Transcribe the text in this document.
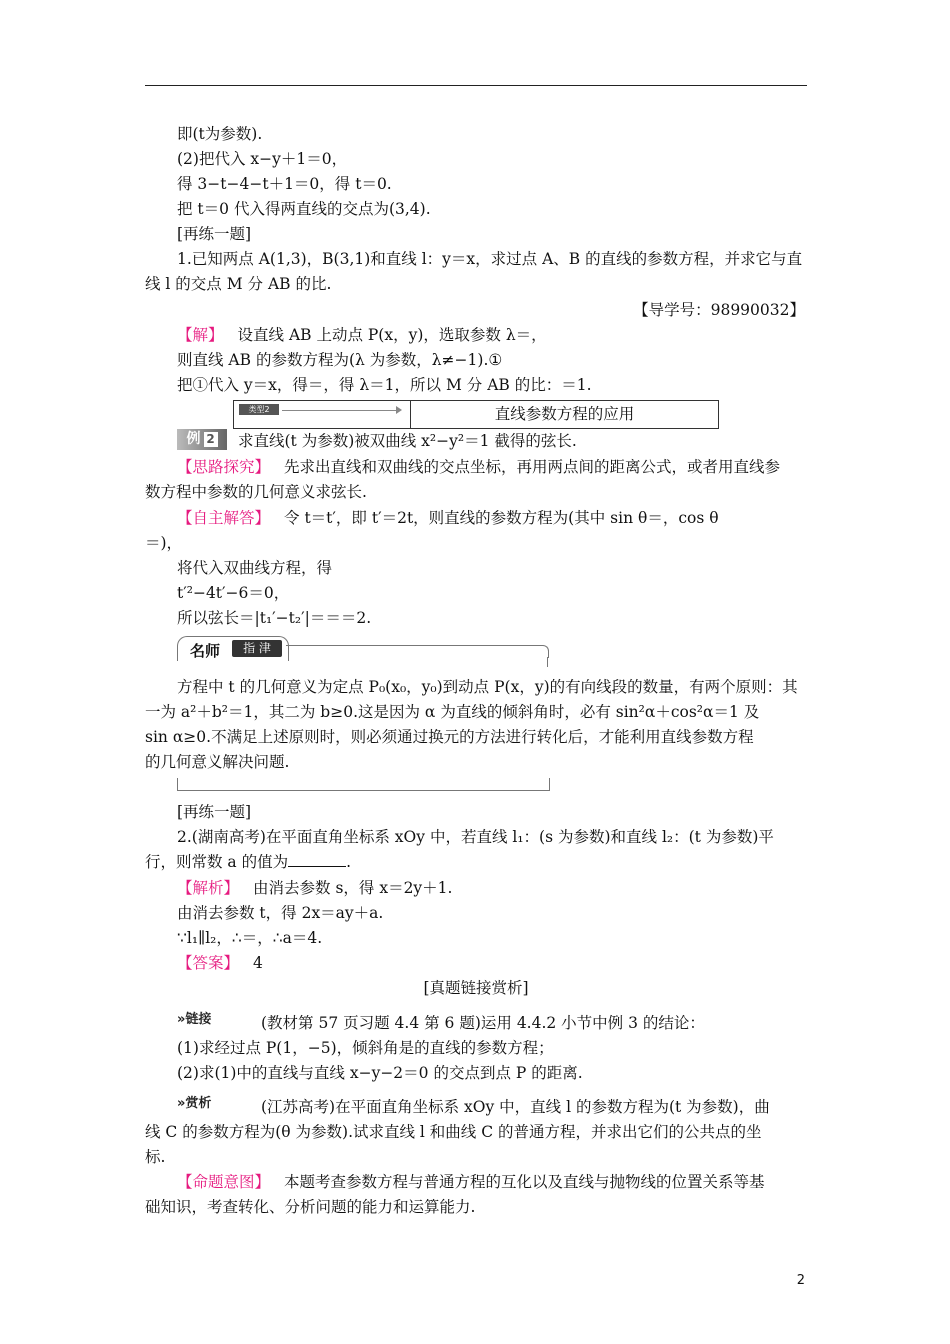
即(t为参数).
(2)把代入 x−y＋1＝0，
得 3−t−4−t＋1＝0，得 t＝0.
把 t＝0 代入得两直线的交点为(3,4).
[再练一题]
1.已知两点 A(1,3)，B(3,1)和直线 l：y＝x，求过点 A、B 的直线的参数方程，并求它与直
线 l 的交点 M 分 AB 的比.
【导学号：98990032】
【解】 设直线 AB 上动点 P(x，y)，选取参数 λ＝，
则直线 AB 的参数方程为(λ 为参数，λ≠−1).①
把①代入 y＝x，得＝，得 λ＝1，所以 M 分 AB 的比：＝1.
类型2	直线参数方程的应用
例 2	求直线(t 为参数)被双曲线 x²−y²＝1 截得的弦长.
【思路探究】 先求出直线和双曲线的交点坐标，再用两点间的距离公式，或者用直线参
数方程中参数的几何意义求弦长.
【自主解答】 令 t＝t′，即 t′＝2t，则直线的参数方程为(其中 sin θ＝，cos θ
＝)，
将代入双曲线方程，得
t′²−4t′−6＝0，
所以弦长＝|t₁′−t₂′|＝＝＝2.
名师	指 津
方程中 t 的几何意义为定点 P₀(x₀，y₀)到动点 P(x，y)的有向线段的数量，有两个原则：其
一为 a²＋b²＝1，其二为 b≥0.这是因为 α 为直线的倾斜角时，必有 sin²α＋cos²α＝1 及
sin α≥0.不满足上述原则时，则必须通过换元的方法进行转化后，才能利用直线参数方程
的几何意义解决问题.
[再练一题]
2.(湖南高考)在平面直角坐标系 xOy 中，若直线 l₁：(s 为参数)和直线 l₂：(t 为参数)平
行，则常数 a 的值为	.
【解析】 由消去参数 s，得 x＝2y＋1.
由消去参数 t，得 2x＝ay＋a.
∵l₁∥l₂，∴＝，∴a＝4.
【答案】 4
[真题链接赏析]
»链接	(教材第 57 页习题 4.4 第 6 题)运用 4.4.2 小节中例 3 的结论：
(1)求经过点 P(1，−5)，倾斜角是的直线的参数方程；
(2)求(1)中的直线与直线 x−y−2＝0 的交点到点 P 的距离.
»赏析	(江苏高考)在平面直角坐标系 xOy 中，直线 l 的参数方程为(t 为参数)，曲
线 C 的参数方程为(θ 为参数).试求直线 l 和曲线 C 的普通方程，并求出它们的公共点的坐
标.
【命题意图】 本题考查参数方程与普通方程的互化以及直线与抛物线的位置关系等基
础知识，考查转化、分析问题的能力和运算能力.
2
